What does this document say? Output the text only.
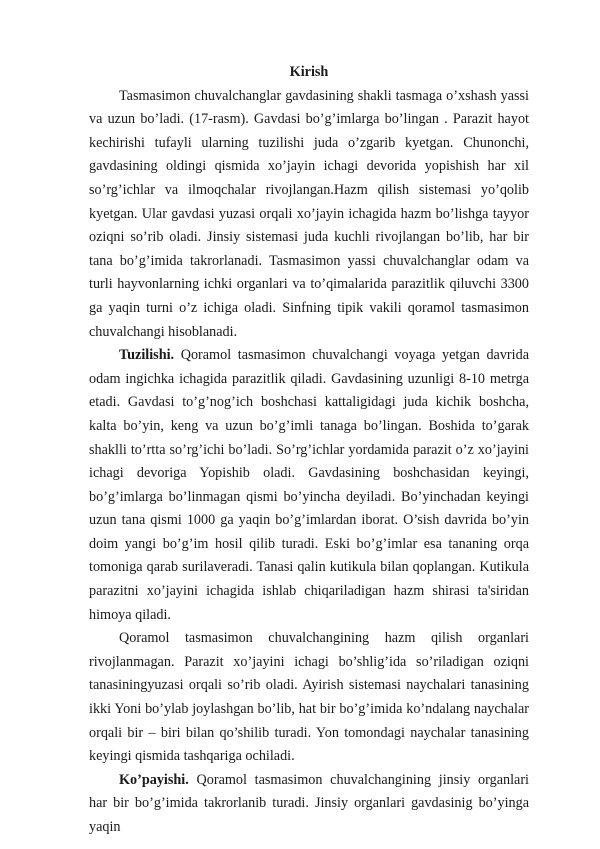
Kirish

Tasmasimon chuvalchanglar gavdasining shakli tasmaga o’xshash yassi va uzun bo’ladi. (17-rasm). Gavdasi bo’g’imlarga bo’lingan . Parazit hayot kechirishi tufayli ularning tuzilishi juda o’zgarib kyetgan. Chunonchi, gavdasining oldingi qismida xo’jayin ichagi devorida yopishish har xil so’rg’ichlar va ilmoqchalar rivojlangan.Hazm qilish sistemasi yo’qolib kyetgan. Ular gavdasi yuzasi orqali xo’jayin ichagida hazm bo’lishga tayyor oziqni so’rib oladi. Jinsiy sistemasi juda kuchli rivojlangan bo’lib, har bir tana bo’g’imida takrorlanadi. Tasmasimon yassi chuvalchanglar odam va turli hayvonlarning ichki organlari va to’qimalarida parazitlik qiluvchi 3300 ga yaqin turni o’z ichiga oladi. Sinfning tipik vakili qoramol tasmasimon chuvalchangi hisoblanadi.

Tuzilishi. Qoramol tasmasimon chuvalchangi voyaga yetgan davrida odam ingichka ichagida parazitlik qiladi. Gavdasining uzunligi 8-10 metrga etadi. Gavdasi to’g’nog’ich boshchasi kattaligidagi juda kichik boshcha, kalta bo’yin, keng va uzun bo’g’imli tanaga bo’lingan. Boshida to’garak shaklli to’rtta so’rg’ichi bo’ladi. So’rg’ichlar yordamida parazit o’z xo’jayini ichagi devoriga Yopishib oladi. Gavdasining boshchasidan keyingi, bo’g’imlarga bo’linmagan qismi bo’yincha deyiladi. Bo’yinchadan keyingi uzun tana qismi 1000 ga yaqin bo’g’imlardan iborat. O’sish davrida bo’yin doim yangi bo’g’im hosil qilib turadi. Eski bo’g’imlar esa tananing orqa tomoniga qarab surilaveradi. Tanasi qalin kutikula bilan qoplangan. Kutikula parazitni xo’jayini ichagida ishlab chiqariladigan hazm shirasi ta'siridan himoya qiladi.

Qoramol tasmasimon chuvalchangining hazm qilish organlari rivojlanmagan. Parazit xo’jayini ichagi bo’shlig’ida so’riladigan oziqni tanasiningyuzasi orqali so’rib oladi. Ayirish sistemasi naychalari tanasining ikki Yoni bo’ylab joylashgan bo’lib, hat bir bo’g’imida ko’ndalang naychalar orqali bir – biri bilan qo’shilib turadi. Yon tomondagi naychalar tanasining keyingi qismida tashqariga ochiladi.

Ko’payishi. Qoramol tasmasimon chuvalchangining jinsiy organlari har bir bo’g’imida takrorlanib turadi. Jinsiy organlari gavdasinig bo’yinga yaqin
